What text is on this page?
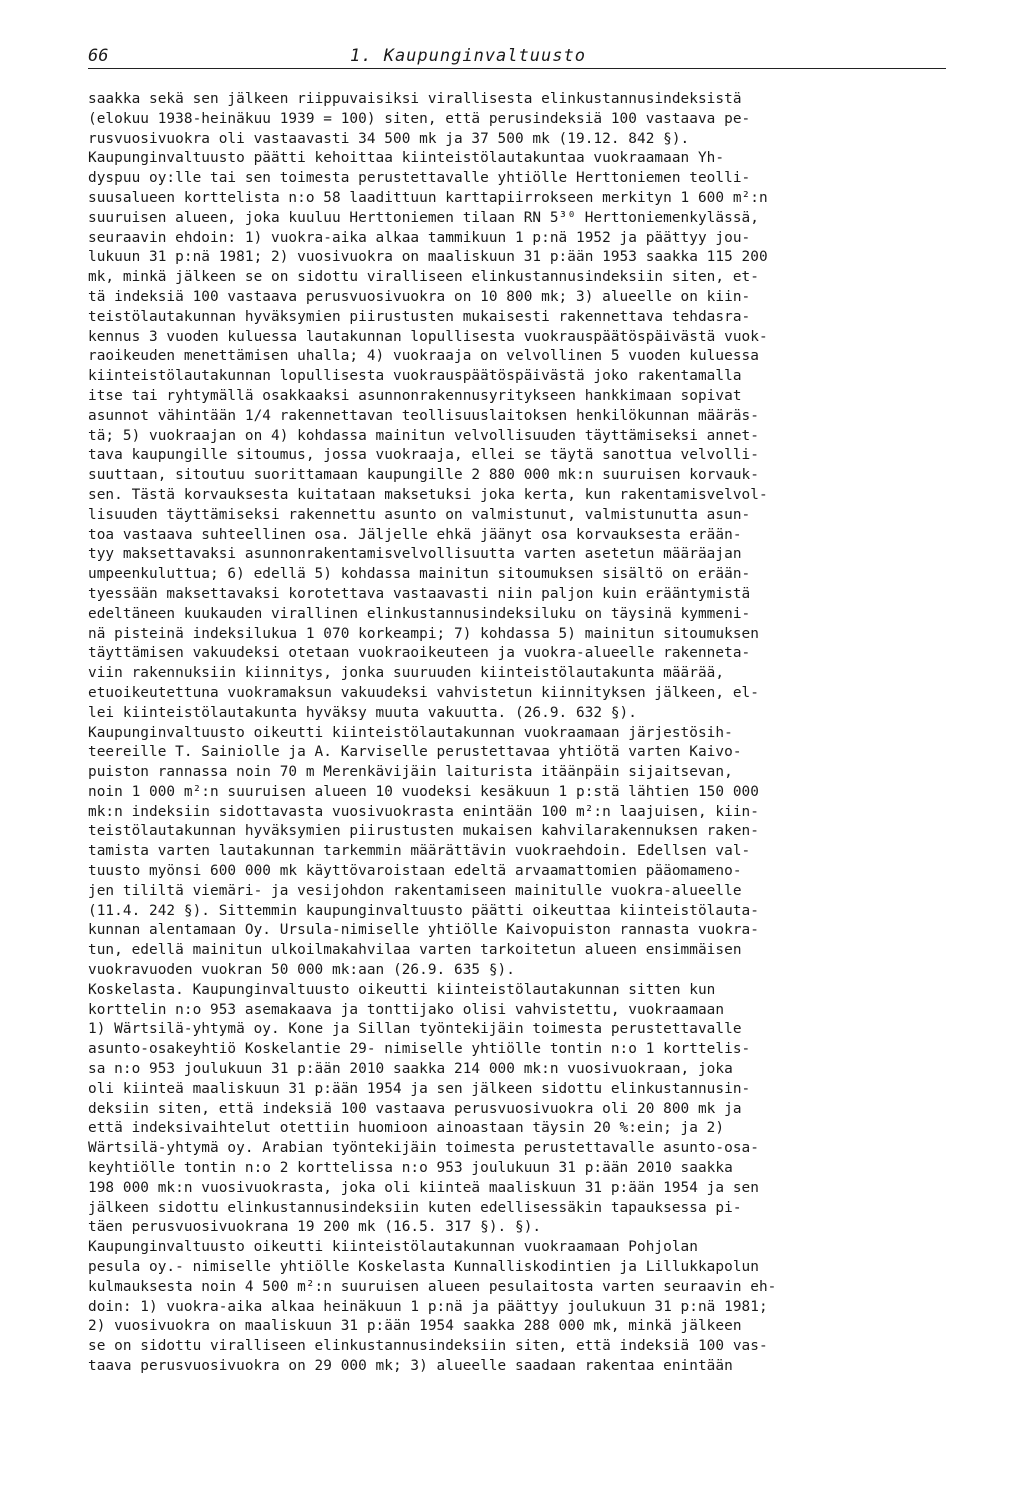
66	1. Kaupunginvaltuusto
saakka sekä sen jälkeen riippuvaisiksi virallisesta elinkustannusindeksistä
(elokuu 1938-heinäkuu 1939 = 100) siten, että perusindeksiä 100 vastaava pe-
rusvuosivuokra oli vastaavasti 34 500 mk ja 37 500 mk (19.12. 842 §).
Kaupunginvaltuusto päätti kehoittaa kiinteistölautakuntaa vuokraamaan Yh-
dyspuu oy:lle tai sen toimesta perustettavalle yhtiölle Herttoniemen teolli-
suusalueen korttelista n:o 58 laadittuun karttapiirrokseen merkityn 1 600 m²:n
suuruisen alueen, joka kuuluu Herttoniemen tilaan RN 5³⁰ Herttoniemenkylässä,
seuraavin ehdoin: 1) vuokra-aika alkaa tammikuun 1 p:nä 1952 ja päättyy jou-
lukuun 31 p:nä 1981; 2) vuosivuokra on maaliskuun 31 p:ään 1953 saakka 115 200
mk, minkä jälkeen se on sidottu viralliseen elinkustannusindeksiin siten, et-
tä indeksiä 100 vastaava perusvuosivuokra on 10 800 mk; 3) alueelle on kiin-
teistölautakunnan hyväksymien piirustusten mukaisesti rakennettava tehdasra-
kennus 3 vuoden kuluessa lautakunnan lopullisesta vuokrauspäätöspäivästä vuok-
raoikeuden menettämisen uhalla; 4) vuokraaja on velvollinen 5 vuoden kuluessa
kiinteistölautakunnan lopullisesta vuokrauspäätöspäivästä joko rakentamalla
itse tai ryhtymällä osakkaaksi asunnonrakennusyritykseen hankkimaan sopivat
asunnot vähintään 1/4 rakennettavan teollisuuslaitoksen henkilökunnan määräs-
tä; 5) vuokraajan on 4) kohdassa mainitun velvollisuuden täyttämiseksi annet-
tava kaupungille sitoumus, jossa vuokraaja, ellei se täytä sanottua velvolli-
suuttaan, sitoutuu suorittamaan kaupungille 2 880 000 mk:n suuruisen korvauk-
sen. Tästä korvauksesta kuitataan maksetuksi joka kerta, kun rakentamisvelvol-
lisuuden täyttämiseksi rakennettu asunto on valmistunut, valmistunutta asun-
toa vastaava suhteellinen osa. Jäljelle ehkä jäänyt osa korvauksesta erään-
tyy maksettavaksi asunnonrakentamisvelvollisuutta varten asetetun määräajan
umpeenkuluttua; 6) edellä 5) kohdassa mainitun sitoumuksen sisältö on erään-
tyessään maksettavaksi korotettava vastaavasti niin paljon kuin erääntymistä
edeltäneen kuukauden virallinen elinkustannusindeksiluku on täysinä kymmeni-
nä pisteinä indeksilukua 1 070 korkeampi; 7) kohdassa 5) mainitun sitoumuksen
täyttämisen vakuudeksi otetaan vuokraoikeuteen ja vuokra-alueelle rakenneta-
viin rakennuksiin kiinnitys, jonka suuruuden kiinteistölautakunta määrää,
etuoikeutettuna vuokramaksun vakuudeksi vahvistetun kiinnityksen jälkeen, el-
lei kiinteistölautakunta hyväksy muuta vakuutta. (26.9. 632 §).
Kaupunginvaltuusto oikeutti kiinteistölautakunnan vuokraamaan järjestösih-
teereille T. Sainiolle ja A. Karviselle perustettavaa yhtiötä varten Kaivo-
puiston rannassa noin 70 m Merenkävijäin laiturista itäänpäin sijaitsevan,
noin 1 000 m²:n suuruisen alueen 10 vuodeksi kesäkuun 1 p:stä lähtien 150 000
mk:n indeksiin sidottavasta vuosivuokrasta enintään 100 m²:n laajuisen, kiin-
teistölautakunnan hyväksymien piirustusten mukaisen kahvilarakennuksen raken-
tamista varten lautakunnan tarkemmin määrättävin vuokraehdoin. Edellsen val-
tuusto myönsi 600 000 mk käyttövaroistaan edeltä arvaamattomien pääomameno-
jen tililtä viemäri- ja vesijohdon rakentamiseen mainitulle vuokra-alueelle
(11.4. 242 §). Sittemmin kaupunginvaltuusto päätti oikeuttaa kiinteistölauta-
kunnan alentamaan Oy. Ursula-nimiselle yhtiölle Kaivopuiston rannasta vuokra-
tun, edellä mainitun ulkoilmakahvilaa varten tarkoitetun alueen ensimmäisen
vuokravuoden vuokran 50 000 mk:aan (26.9. 635 §).
Koskelasta. Kaupunginvaltuusto oikeutti kiinteistölautakunnan sitten kun
korttelin n:o 953 asemakaava ja tonttijako olisi vahvistettu, vuokraamaan
1) Wärtsilä-yhtymä oy. Kone ja Sillan työntekijäin toimesta perustettavalle
asunto-osakeyhtiö Koskelantie 29- nimiselle yhtiölle tontin n:o 1 korttelis-
sa n:o 953 joulukuun 31 p:ään 2010 saakka 214 000 mk:n vuosivuokraan, joka
oli kiinteä maaliskuun 31 p:ään 1954 ja sen jälkeen sidottu elinkustannusin-
deksiin siten, että indeksiä 100 vastaava perusvuosivuokra oli 20 800 mk ja
että indeksivaihtelut otettiin huomioon ainoastaan täysin 20 %:ein; ja 2)
Wärtsilä-yhtymä oy. Arabian työntekijäin toimesta perustettavalle asunto-osa-
keyhtiölle tontin n:o 2 korttelissa n:o 953 joulukuun 31 p:ään 2010 saakka
198 000 mk:n vuosivuokrasta, joka oli kiinteä maaliskuun 31 p:ään 1954 ja sen
jälkeen sidottu elinkustannusindeksiin kuten edellisessäkin tapauksessa pi-
täen perusvuosivuokrana 19 200 mk (16.5. 317 §). §).
Kaupunginvaltuusto oikeutti kiinteistölautakunnan vuokraamaan Pohjolan
pesula oy.- nimiselle yhtiölle Koskelasta Kunnalliskodintien ja Lillukkapolun
kulmauksesta noin 4 500 m²:n suuruisen alueen pesulaitosta varten seuraavin eh-
doin: 1) vuokra-aika alkaa heinäkuun 1 p:nä ja päättyy joulukuun 31 p:nä 1981;
2) vuosivuokra on maaliskuun 31 p:ään 1954 saakka 288 000 mk, minkä jälkeen
se on sidottu viralliseen elinkustannusindeksiin siten, että indeksiä 100 vas-
taava perusvuosivuokra on 29 000 mk; 3) alueelle saadaan rakentaa enintään
